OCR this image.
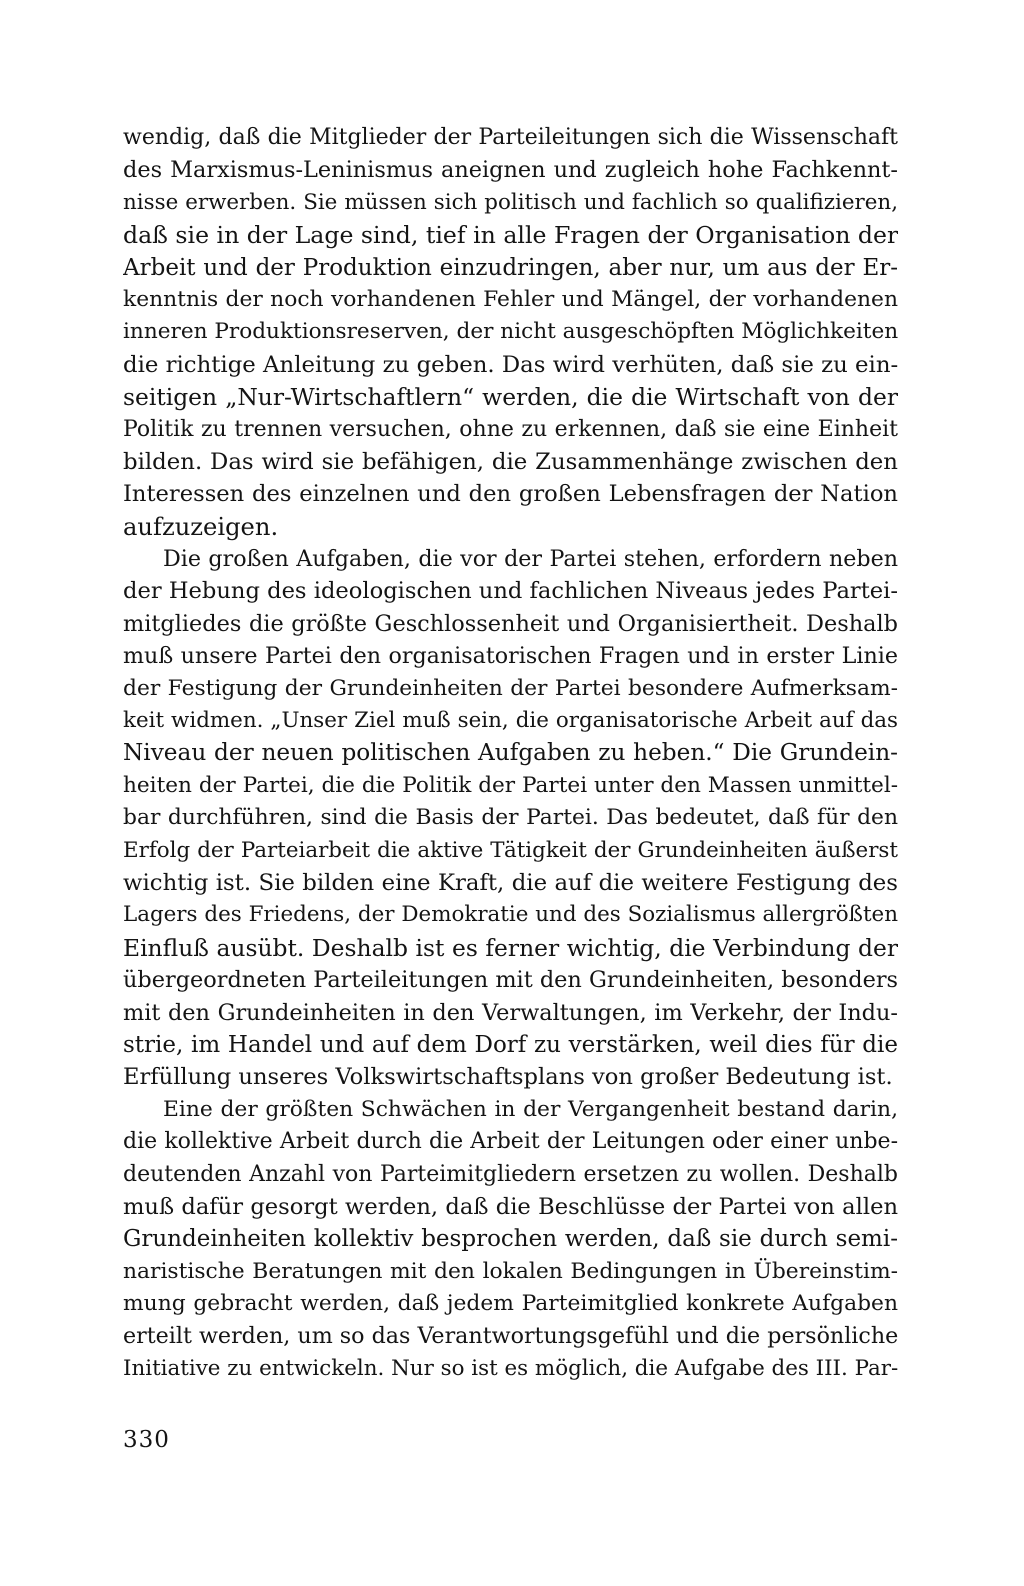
wendig, daß die Mitglieder der Parteileitungen sich die Wissenschaft
des Marxismus-Leninismus aneignen und zugleich hohe Fachkennt-
nisse erwerben. Sie müssen sich politisch und fachlich so qualifizieren,
daß sie in der Lage sind, tief in alle Fragen der Organisation der
Arbeit und der Produktion einzudringen, aber nur, um aus der Er-
kenntnis der noch vorhandenen Fehler und Mängel, der vorhandenen
inneren Produktionsreserven, der nicht ausgeschöpften Möglichkeiten
die richtige Anleitung zu geben. Das wird verhüten, daß sie zu ein-
seitigen „Nur-Wirtschaftlern“ werden, die die Wirtschaft von der
Politik zu trennen versuchen, ohne zu erkennen, daß sie eine Einheit
bilden. Das wird sie befähigen, die Zusammenhänge zwischen den
Interessen des einzelnen und den großen Lebensfragen der Nation
aufzuzeigen.
Die großen Aufgaben, die vor der Partei stehen, erfordern neben
der Hebung des ideologischen und fachlichen Niveaus jedes Partei-
mitgliedes die größte Geschlossenheit und Organisiertheit. Deshalb
muß unsere Partei den organisatorischen Fragen und in erster Linie
der Festigung der Grundeinheiten der Partei besondere Aufmerksam-
keit widmen. „Unser Ziel muß sein, die organisatorische Arbeit auf das
Niveau der neuen politischen Aufgaben zu heben.“ Die Grundein-
heiten der Partei, die die Politik der Partei unter den Massen unmittel-
bar durchführen, sind die Basis der Partei. Das bedeutet, daß für den
Erfolg der Parteiarbeit die aktive Tätigkeit der Grundeinheiten äußerst
wichtig ist. Sie bilden eine Kraft, die auf die weitere Festigung des
Lagers des Friedens, der Demokratie und des Sozialismus allergrößten
Einfluß ausübt. Deshalb ist es ferner wichtig, die Verbindung der
übergeordneten Parteileitungen mit den Grundeinheiten, besonders
mit den Grundeinheiten in den Verwaltungen, im Verkehr, der Indu-
strie, im Handel und auf dem Dorf zu verstärken, weil dies für die
Erfüllung unseres Volkswirtschaftsplans von großer Bedeutung ist.
Eine der größten Schwächen in der Vergangenheit bestand darin,
die kollektive Arbeit durch die Arbeit der Leitungen oder einer unbe-
deutenden Anzahl von Parteimitgliedern ersetzen zu wollen. Deshalb
muß dafür gesorgt werden, daß die Beschlüsse der Partei von allen
Grundeinheiten kollektiv besprochen werden, daß sie durch semi-
naristische Beratungen mit den lokalen Bedingungen in Übereinstim-
mung gebracht werden, daß jedem Parteimitglied konkrete Aufgaben
erteilt werden, um so das Verantwortungsgefühl und die persönliche
Initiative zu entwickeln. Nur so ist es möglich, die Aufgabe des III. Par-
330
